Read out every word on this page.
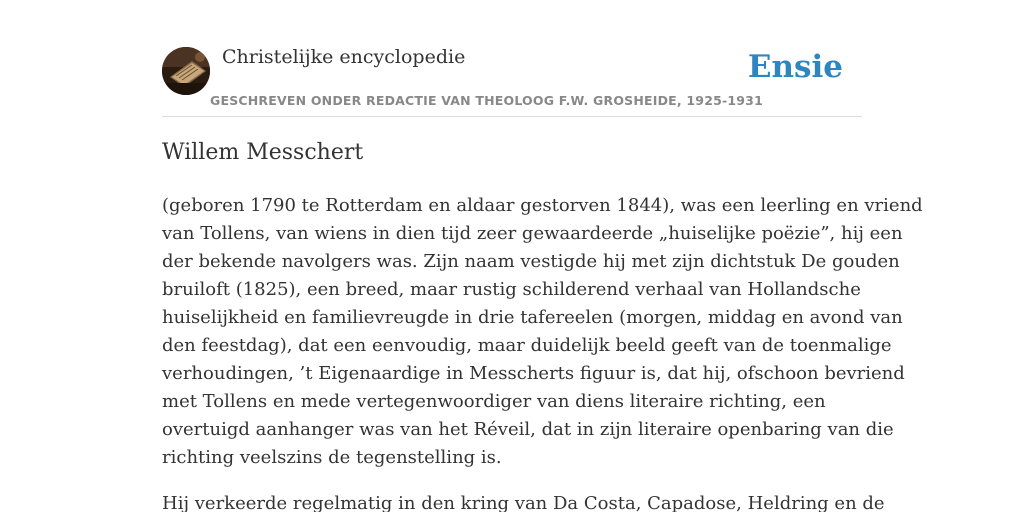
Christelijke encyclopedie
GESCHREVEN ONDER REDACTIE VAN THEOLOOG F.W. GROSHEIDE, 1925-1931
Ensie
Willem Messchert
(geboren 1790 te Rotterdam en aldaar gestorven 1844), was een leerling en vriend
van Tollens, van wiens in dien tijd zeer gewaardeerde „huiselijke poëzie”, hij een
der bekende navolgers was. Zijn naam vestigde hij met zijn dichtstuk De gouden
bruiloft (1825), een breed, maar rustig schilderend verhaal van Hollandsche
huiselijkheid en familievreugde in drie tafereelen (morgen, middag en avond van
den feestdag), dat een eenvoudig, maar duidelijk beeld geeft van de toenmalige
verhoudingen, ’t Eigenaardige in Messcherts figuur is, dat hij, ofschoon bevriend
met Tollens en mede vertegenwoordiger van diens literaire richting, een
overtuigd aanhanger was van het Réveil, dat in zijn literaire openbaring van die
richting veelszins de tegenstelling is.
Hij verkeerde regelmatig in den kring van Da Costa, Capadose, Heldring en de
